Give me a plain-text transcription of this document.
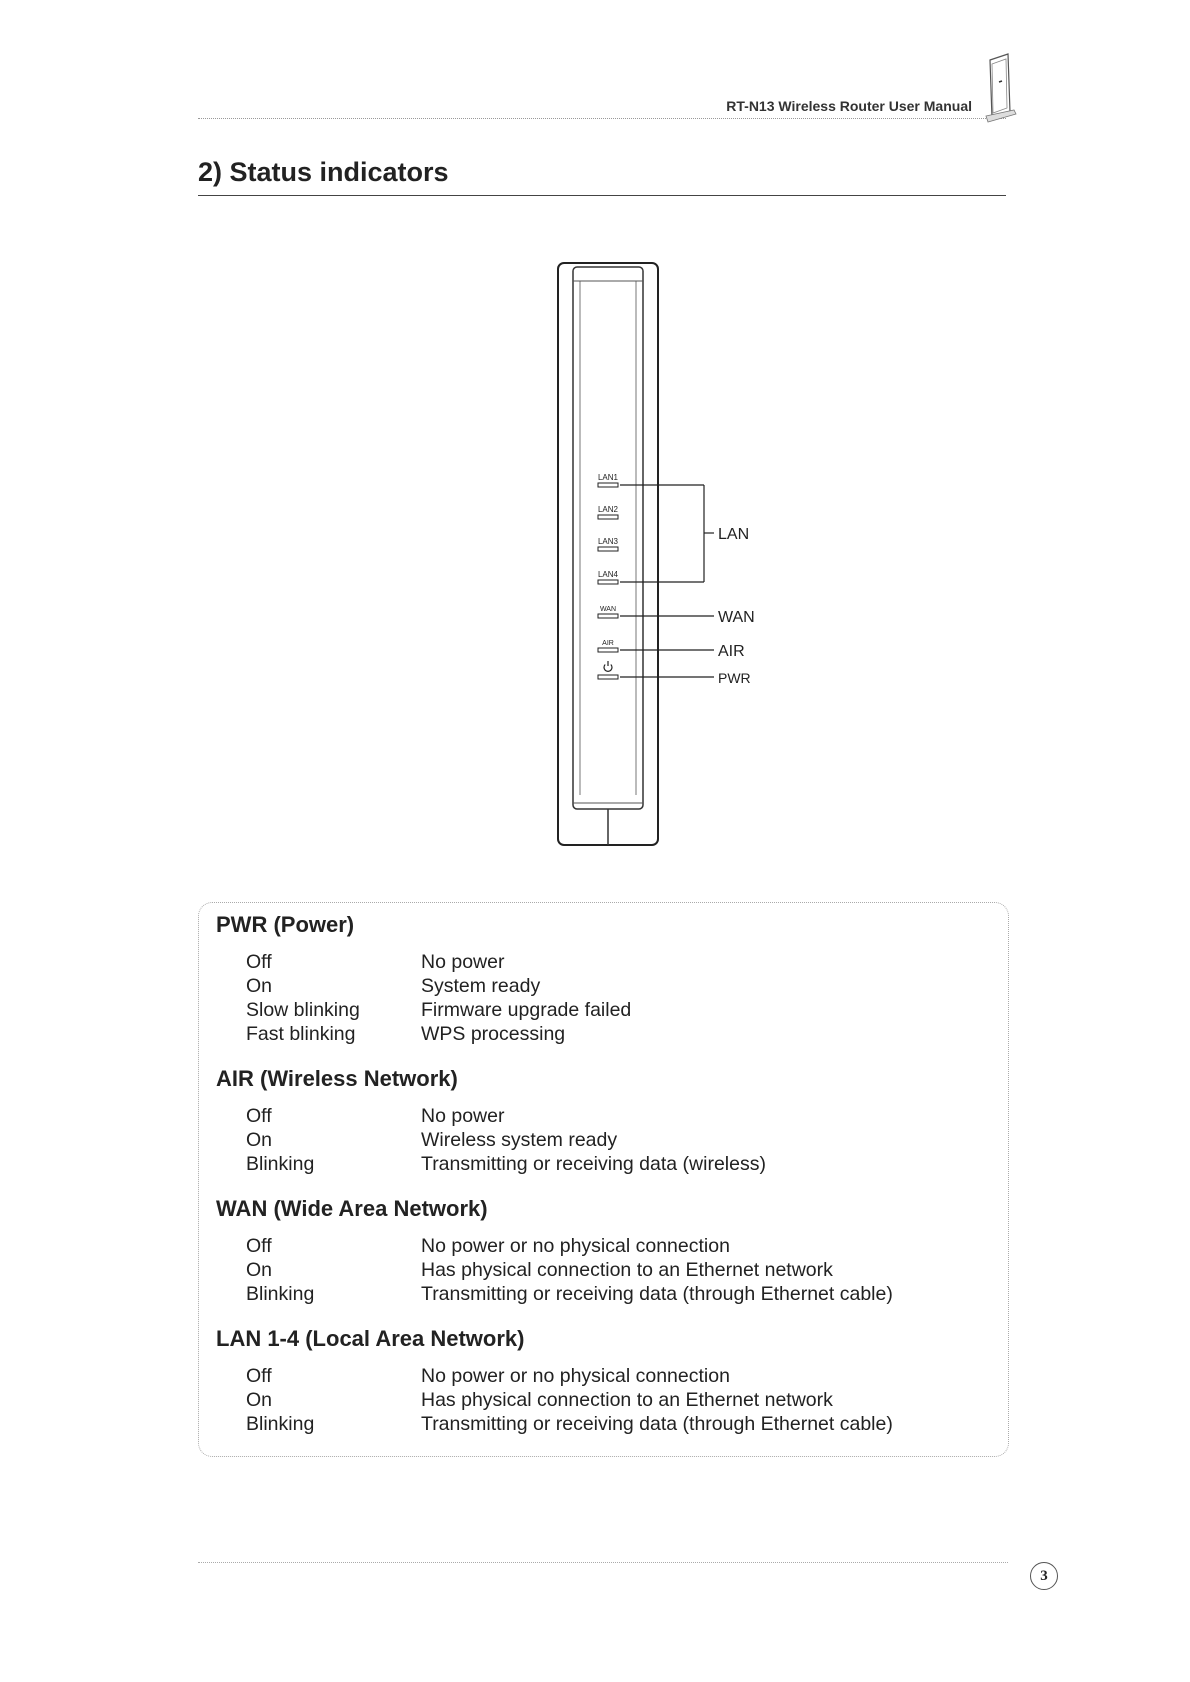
RT-N13 Wireless Router User Manual
2) Status indicators
LAN1
LAN2
LAN3
LAN4
WAN
AIR
LAN
WAN
AIR
PWR
PWR (Power)
Off	No power
On	System ready
Slow blinking	Firmware upgrade failed
Fast blinking	WPS processing
AIR (Wireless Network)
Off	No power
On	Wireless system ready
Blinking	Transmitting or receiving data (wireless)
WAN (Wide Area Network)
Off	No power or no physical connection
On	Has physical connection to an Ethernet network
Blinking	Transmitting or receiving data (through Ethernet cable)
LAN 1-4 (Local Area Network)
Off	No power or no physical connection
On	Has physical connection to an Ethernet network
Blinking	Transmitting or receiving data (through Ethernet cable)
3
